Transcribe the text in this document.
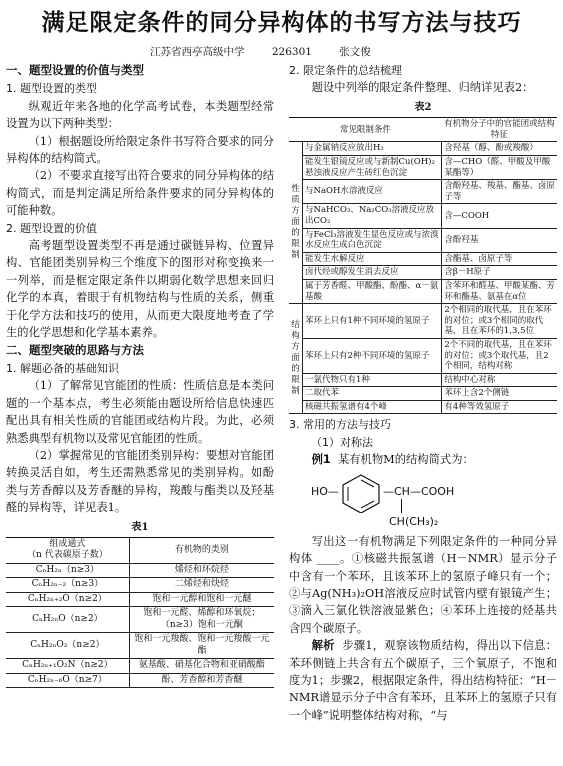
满足限定条件的同分异构体的书写方法与技巧
江苏省西亭高级中学	226301	张文俊
一、题型设置的价值与类型
1. 题型设置的类型

纵观近年来各地的化学高考试卷，本类题型经常设置为以下两种类型：

（1）根据题设所给限定条件书写符合要求的同分异构体的结构简式。

（2）不要求直接写出符合要求的同分异构体的结构简式，而是判定满足所给条件要求的同分异构体的可能种数。

2. 题型设置的价值

高考题型设置类型不再是通过碳链异构、位置异构、官能团类别异构三个维度下的图形对称变换来一一列举，而是框定限定条件以期弱化数学思想来回归化学的本真，着眼于有机物结构与性质的关系，侧重于化学方法和技巧的使用，从而更大限度地考查了学生的化学思想和化学基本素养。

二、题型突破的思路与方法
1. 解题必备的基础知识

（1）了解常见官能团的性质：性质信息是本类问题的一个基本点，考生必须能由题设所给信息快速匹配出具有相关性质的官能团或结构片段。为此，必须熟悉典型有机物以及常见官能团的性质。

（2）掌握常见的官能团类别异构：要想对官能团转换灵活自如，考生还需熟悉常见的类别异构。如酚类与芳香醇以及芳香醚的异构，羧酸与酯类以及羟基醛的异构等，详见表1。

表1
组成通式
（n 代表碳原子数）	有机物的类别
CₙH₂ₙ（n≥3）	烯烃和环烷烃
CₙH₂ₙ₋₂（n≥3）	二烯烃和炔烃
CₙH₂ₙ₊₂O（n≥2）	饱和一元醇和饱和一元醚
CₙH₂ₙO（n≥2）	饱和一元醛、烯醇和环氧烷；（n≥3）饱和一元酮
CₙH₂ₙO₂（n≥2）	饱和一元羧酸、饱和一元羧酸一元酯
CₙH₂ₙ₊₁O₂N（n≥2）	氨基酸、硝基化合物和亚硝酸酯
CₙH₂ₙ₋₆O（n≥7）	酚、芳香醇和芳香醚
2. 限定条件的总结梳理

题设中列举的限定条件整理、归纳详见表2：

表2
常见限制条件		有机物分子中的官能团或结构特征
性质方面的限制	与金属钠反应放出H₂	含羟基（醇、酚或羧酸）
	能发生银镜反应或与新制Cu(OH)₂悬浊液反应产生砖红色沉淀	含—CHO（醛、甲酸及甲酸某酯等）
	与NaOH水溶液反应	含酚羟基、羧基、酯基、卤原子等
	与NaHCO₃、Na₂CO₃溶液反应放出CO₂	含—COOH
	与FeCl₃溶液发生显色反应或与浓溴水反应生成白色沉淀	含酚羟基
	能发生水解反应	含酯基、卤原子等
	卤代烃或醇发生消去反应	含β－H原子
	属于芳香醛、甲酸酯、酚酯、α－氨基酸	含苯环和醛基、甲酸某酯、芳环和酯基、氨基在α位
结构方面的限制	苯环上只有1种不同环境的氢原子	2个相同的取代基，且在苯环的对位；或3个相同的取代基，且在苯环的1,3,5位
	苯环上只有2种不同环境的氢原子	2个不同的取代基，且在苯环的对位；或3个取代基，且2个相同，结构对称
	一氯代物只有1种	结构中心对称
	二取代苯	苯环上含2个侧链
	核磁共振氢谱有4个峰	有4种等效氢原子
3. 常用的方法与技巧
（1）对称法

例1 某有机物M的结构简式为：

HO—	—CH—COOH
CH(CH₃)₂

写出这一有机物满足下列限定条件的一种同分异构体 ____。①核磁共振氢谱（H－NMR）显示分子中含有一个苯环，且该苯环上的氢原子峰只有一个；②与Ag(NH₃)₂OH溶液反应时试管内壁有银镜产生；③滴入三氯化铁溶液显紫色；④苯环上连接的烃基共含四个碳原子。

解析 步骤1，观察该物质结构，得出以下信息：苯环侧链上共含有五个碳原子，三个氧原子，不饱和度为1；步骤2，根据限定条件，得出结构特征：“H－NMR谱显示分子中含有苯环，且苯环上的氢原子只有一个峰”说明整体结构对称，“与
